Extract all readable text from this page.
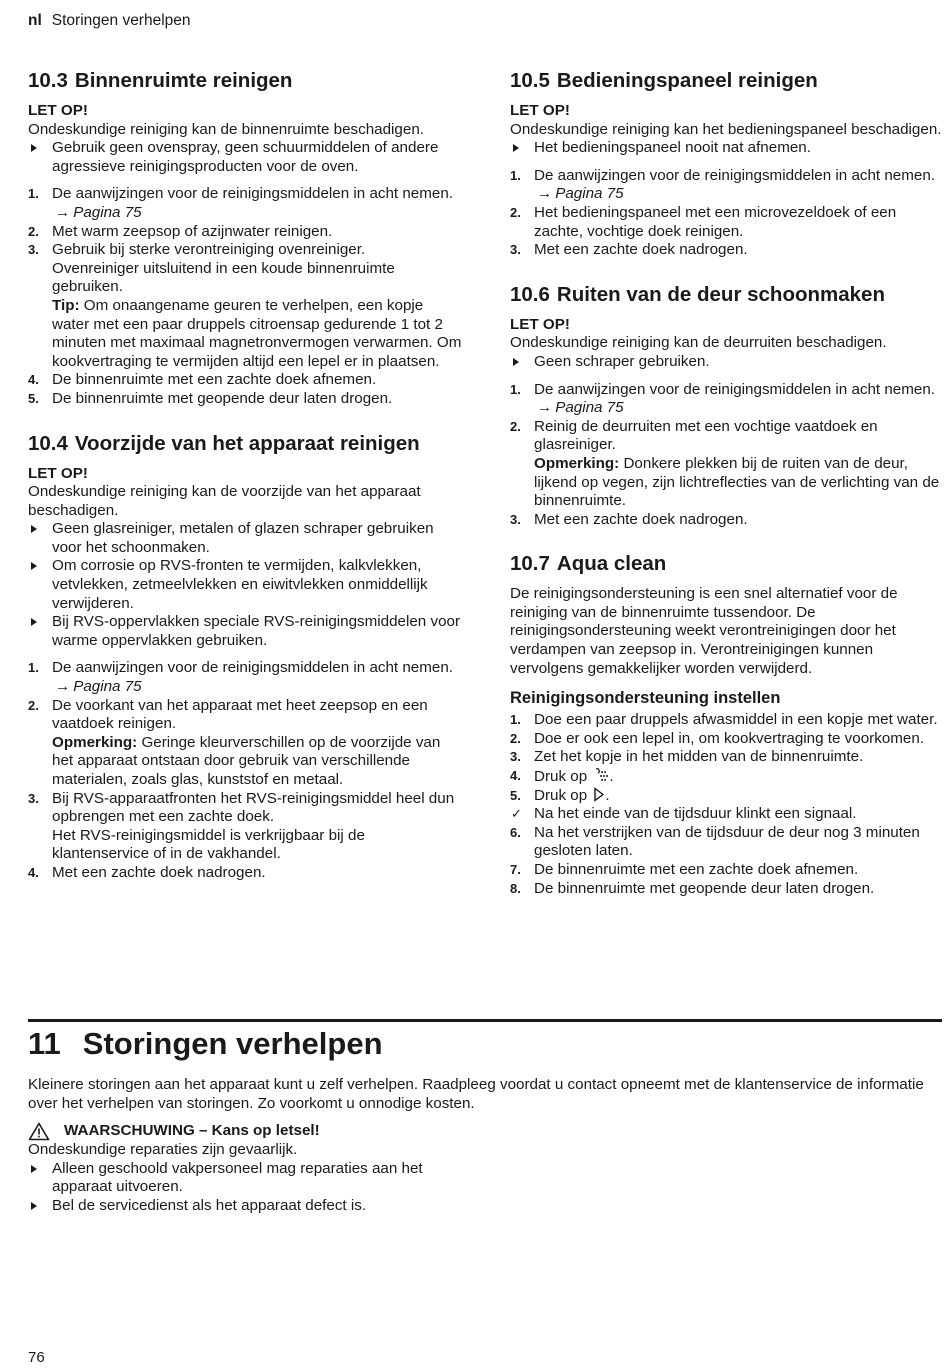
nl Storingen verhelpen
10.3 Binnenruimte reinigen

LET OP!

Ondeskundige reiniging kan de binnenruimte beschadigen.

Gebruik geen ovenspray, geen schuurmiddelen of andere agressieve reinigingsproducten voor de oven.
1. De aanwijzingen voor de reinigingsmiddelen in acht nemen. → Pagina 75
2. Met warm zeepsop of azijnwater reinigen.
3. Gebruik bij sterke verontreiniging ovenreiniger.
Ovenreiniger uitsluitend in een koude binnenruimte gebruiken.
Tip: Om onaangename geuren te verhelpen, een kopje water met een paar druppels citroensap gedurende 1 tot 2 minuten met maximaal magnetronvermogen verwarmen. Om kookvertraging te vermijden altijd een lepel er in plaatsen.
4. De binnenruimte met een zachte doek afnemen.
5. De binnenruimte met geopende deur laten drogen.
10.4 Voorzijde van het apparaat reinigen

LET OP!

Ondeskundige reiniging kan de voorzijde van het apparaat beschadigen.

Geen glasreiniger, metalen of glazen schraper gebruiken voor het schoonmaken.
Om corrosie op RVS-fronten te vermijden, kalkvlekken, vetvlekken, zetmeelvlekken en eiwitvlekken onmiddellijk verwijderen.
Bij RVS-oppervlakken speciale RVS-reinigingsmiddelen voor warme oppervlakken gebruiken.
1. De aanwijzingen voor de reinigingsmiddelen in acht nemen. → Pagina 75
2. De voorkant van het apparaat met heet zeepsop en een vaatdoek reinigen.
Opmerking: Geringe kleurverschillen op de voorzijde van het apparaat ontstaan door gebruik van verschillende materialen, zoals glas, kunststof en metaal.
3. Bij RVS-apparaatfronten het RVS-reinigingsmiddel heel dun opbrengen met een zachte doek.
Het RVS-reinigingsmiddel is verkrijgbaar bij de klantenservice of in de vakhandel.
4. Met een zachte doek nadrogen.
10.5 Bedieningspaneel reinigen

LET OP!

Ondeskundige reiniging kan het bedieningspaneel beschadigen.

Het bedieningspaneel nooit nat afnemen.
1. De aanwijzingen voor de reinigingsmiddelen in acht nemen. → Pagina 75
2. Het bedieningspaneel met een microvezeldoek of een zachte, vochtige doek reinigen.
3. Met een zachte doek nadrogen.
10.6 Ruiten van de deur schoonmaken

LET OP!

Ondeskundige reiniging kan de deurruiten beschadigen.

Geen schraper gebruiken.
1. De aanwijzingen voor de reinigingsmiddelen in acht nemen. → Pagina 75
2. Reinig de deurruiten met een vochtige vaatdoek en glasreiniger.
Opmerking: Donkere plekken bij de ruiten van de deur, lijkend op vegen, zijn lichtreflecties van de verlichting van de binnenruimte.
3. Met een zachte doek nadrogen.
10.7 Aqua clean

De reinigingsondersteuning is een snel alternatief voor de reiniging van de binnenruimte tussendoor. De reinigingsondersteuning weekt verontreinigingen door het verdampen van zeepsop in. Verontreinigingen kunnen vervolgens gemakkelijker worden verwijderd.

Reinigingsondersteuning instellen
1. Doe een paar druppels afwasmiddel in een kopje met water.
2. Doe er ook een lepel in, om kookvertraging te voorkomen.
3. Zet het kopje in het midden van de binnenruimte.
4. Druk op .
5. Druk op .
✓ Na het einde van de tijdsduur klinkt een signaal.
6. Na het verstrijken van de tijdsduur de deur nog 3 minuten gesloten laten.
7. De binnenruimte met een zachte doek afnemen.
8. De binnenruimte met geopende deur laten drogen.
11 Storingen verhelpen

Kleinere storingen aan het apparaat kunt u zelf verhelpen. Raadpleeg voordat u contact opneemt met de klantenservice de informatie over het verhelpen van storingen. Zo voorkomt u onnodige kosten.

WAARSCHUWING – Kans op letsel!

Ondeskundige reparaties zijn gevaarlijk.

Alleen geschoold vakpersoneel mag reparaties aan het apparaat uitvoeren.
Bel de servicedienst als het apparaat defect is.
76
